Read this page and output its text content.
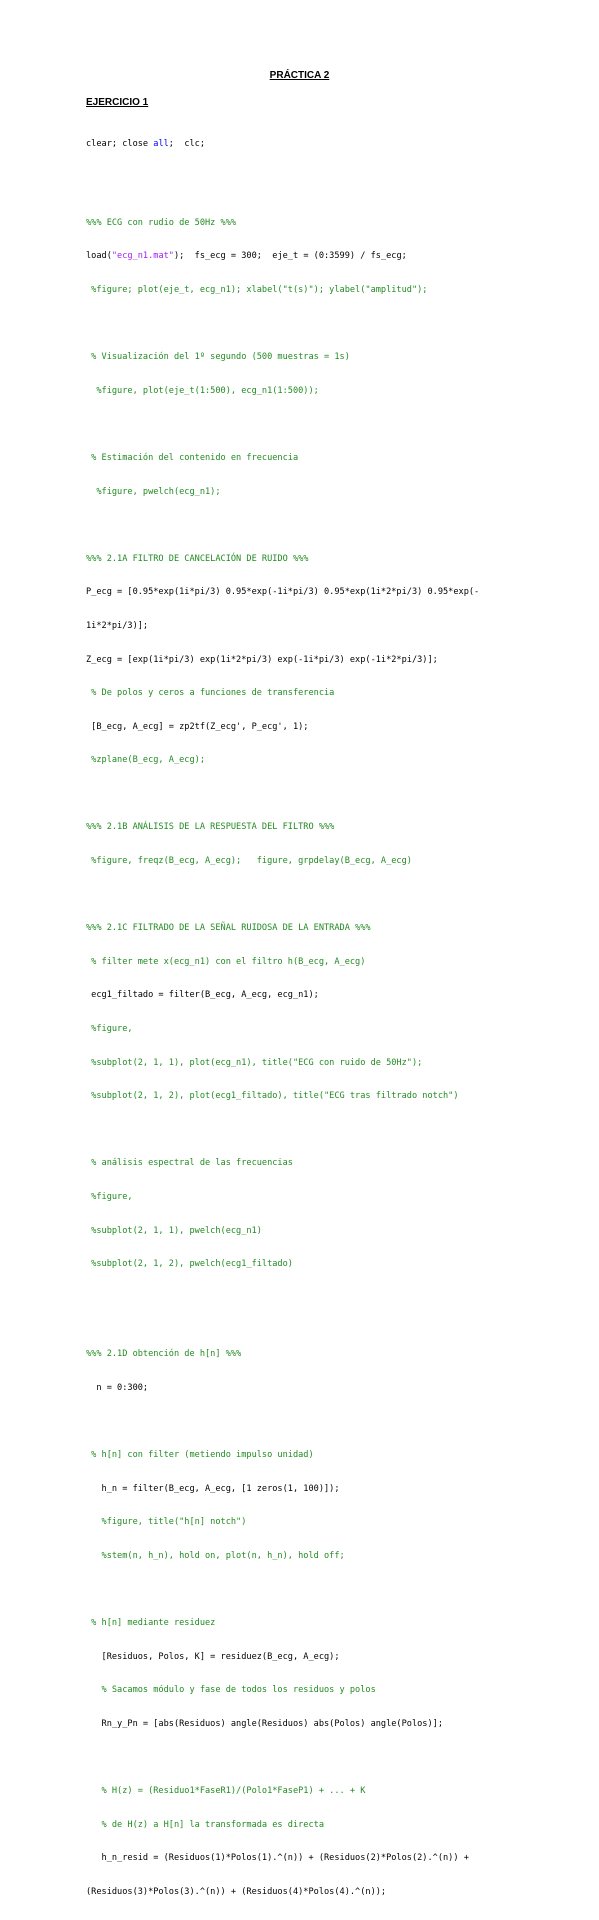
PRÁCTICA 2
EJERCICIO 1

clear; close all;  clc;

%%% ECG con rudio de 50Hz %%%

load("ecg_n1.mat");  fs_ecg = 300;  eje_t = (0:3599) / fs_ecg;

%figure; plot(eje_t, ecg_n1); xlabel("t(s)"); ylabel("amplitud");

% Visualización del 1º segundo (500 muestras = 1s)

%figure, plot(eje_t(1:500), ecg_n1(1:500));

% Estimación del contenido en frecuencia

%figure, pwelch(ecg_n1);

%%% 2.1A FILTRO DE CANCELACIÓN DE RUIDO %%%

P_ecg = [0.95*exp(1i*pi/3) 0.95*exp(-1i*pi/3) 0.95*exp(1i*2*pi/3) 0.95*exp(-

1i*2*pi/3)];

Z_ecg = [exp(1i*pi/3) exp(1i*2*pi/3) exp(-1i*pi/3) exp(-1i*2*pi/3)];

% De polos y ceros a funciones de transferencia

[B_ecg, A_ecg] = zp2tf(Z_ecg', P_ecg', 1);

%zplane(B_ecg, A_ecg);

%%% 2.1B ANÁLISIS DE LA RESPUESTA DEL FILTRO %%%

%figure, freqz(B_ecg, A_ecg);   figure, grpdelay(B_ecg, A_ecg)

%%% 2.1C FILTRADO DE LA SEÑAL RUIDOSA DE LA ENTRADA %%%

% filter mete x(ecg_n1) con el filtro h(B_ecg, A_ecg)

ecg1_filtado = filter(B_ecg, A_ecg, ecg_n1);

%figure,

%subplot(2, 1, 1), plot(ecg_n1), title("ECG con ruido de 50Hz");

%subplot(2, 1, 2), plot(ecg1_filtado), title("ECG tras filtrado notch")

% análisis espectral de las frecuencias

%figure,

%subplot(2, 1, 1), pwelch(ecg_n1)

%subplot(2, 1, 2), pwelch(ecg1_filtado)

%%% 2.1D obtención de h[n] %%%

n = 0:300;

% h[n] con filter (metiendo impulso unidad)

h_n = filter(B_ecg, A_ecg, [1 zeros(1, 100)]);

%figure, title("h[n] notch")

%stem(n, h_n), hold on, plot(n, h_n), hold off;

% h[n] mediante residuez

[Residuos, Polos, K] = residuez(B_ecg, A_ecg);

% Sacamos módulo y fase de todos los residuos y polos

Rn_y_Pn = [abs(Residuos) angle(Residuos) abs(Polos) angle(Polos)];

% H(z) = (Residuo1*FaseR1)/(Polo1*FaseP1) + ... + K

% de H(z) a H[n] la transformada es directa

h_n_resid = (Residuos(1)*Polos(1).^(n)) + (Residuos(2)*Polos(2).^(n)) +

(Residuos(3)*Polos(3).^(n)) + (Residuos(4)*Polos(4).^(n));
